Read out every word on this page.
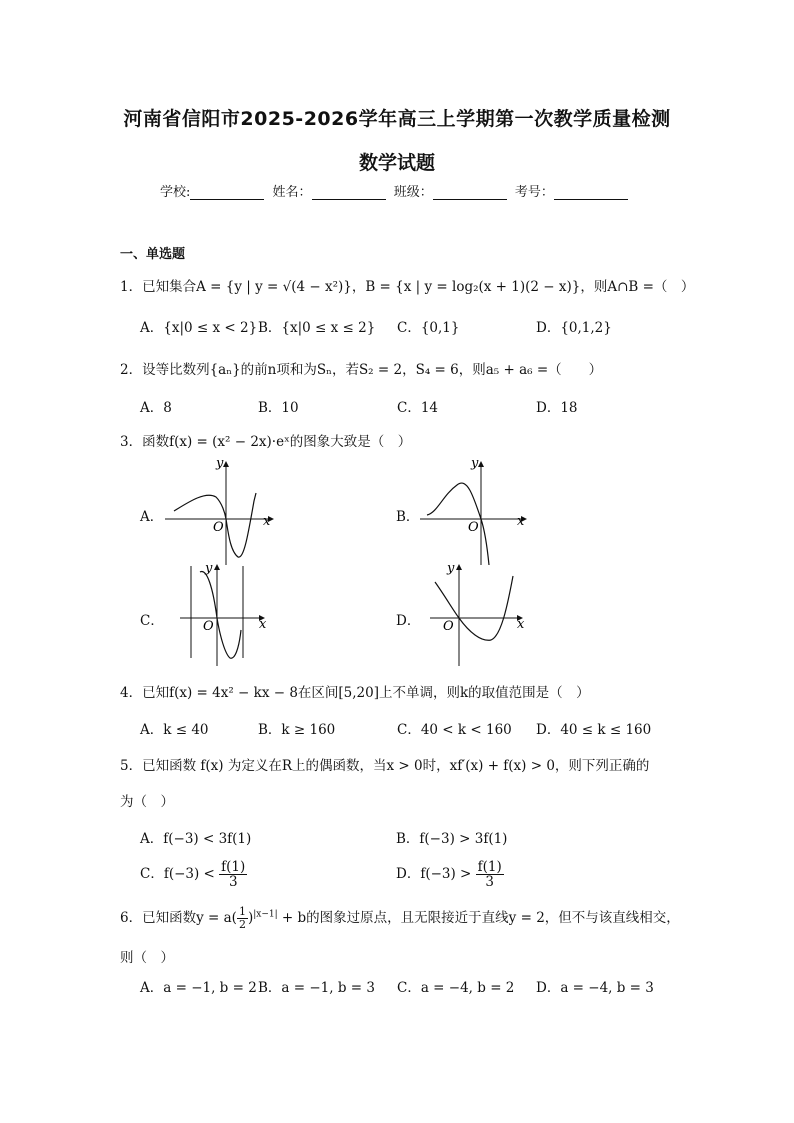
河南省信阳市2025-2026学年高三上学期第一次教学质量检测
数学试题
学校:	姓名：	班级：	考号：
一、单选题
1．已知集合A = {y | y = √(4 − x²)}，B = {x | y = log₂(x + 1)(2 − x)}，则A∩B =（　）
A．{x|0 ≤ x < 2} B．{x|0 ≤ x ≤ 2} C．{0,1}	D．{0,1,2}
2．设等比数列{aₙ}的前n项和为Sₙ，若S₂ = 2，S₄ = 6，则a₅ + a₆ =（　　）
A．8	B．10	C．14	D．18
3．函数f(x) = (x² − 2x)·eˣ的图象大致是（　）
A．
y
x
O
B．
y
x
O
C．
y
x
O	D．
y
x
O
4．已知f(x) = 4x² − kx − 8在区间[5,20]上不单调，则k的取值范围是（　）
A．k ≤ 40	B．k ≥ 160	C．40 < k < 160 D．40 ≤ k ≤ 160
5．已知函数 f(x) 为定义在R上的偶函数，当x > 0时，xf′(x) + f(x) > 0，则下列正确的
为（　）
A．f(−3) < 3f(1)	B．f(−3) > 3f(1)
C．$f(-3) < \frac{f(1)}{3}$	D．$f(-3) > \frac{f(1)}{3}$
6．已知函数$y = a( \frac{1}{2} )^{|x-1|} + b$的图象过原点，且无限接近于直线y = 2，但不与该直线相交，
则（　）
A．a = −1, b = 2 B．a = −1, b = 3 C．a = −4, b = 2 D．a = −4, b = 3
